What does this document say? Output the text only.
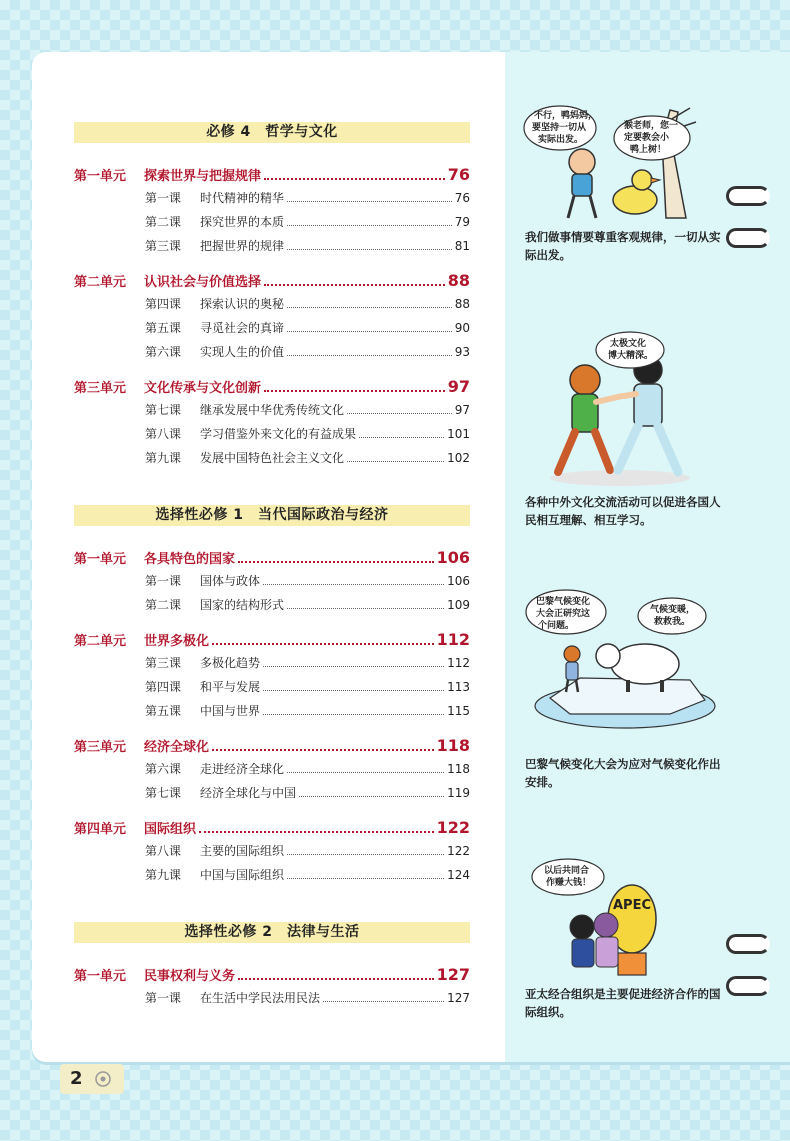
必修 4　哲学与文化
第一单元	探索世界与把握规律	76
第一课	时代精神的精华	76
第二课	探究世界的本质	79
第三课	把握世界的规律	81
第二单元	认识社会与价值选择	88
第四课	探索认识的奥秘	88
第五课	寻觅社会的真谛	90
第六课	实现人生的价值	93
第三单元	文化传承与文化创新	97
第七课	继承发展中华优秀传统文化	97
第八课	学习借鉴外来文化的有益成果	101
第九课	发展中国特色社会主义文化	102
选择性必修 1　当代国际政治与经济
第一单元	各具特色的国家	106
第一课	国体与政体	106
第二课	国家的结构形式	109
第二单元	世界多极化	112
第三课	多极化趋势	112
第四课	和平与发展	113
第五课	中国与世界	115
第三单元	经济全球化	118
第六课	走进经济全球化	118
第七课	经济全球化与中国	119
第四单元	国际组织	122
第八课	主要的国际组织	122
第九课	中国与国际组织	124
选择性必修 2　法律与生活
第一单元	民事权利与义务	127
第一课	在生活中学民法用民法	127
不行，鸭妈妈，
要坚持一切从
实际出发。
猴老师，您一
定要教会小
鸭上树！
我们做事情要尊重客观规律，一切从实际出发。
太极文化
博大精深。
各种中外文化交流活动可以促进各国人民相互理解、相互学习。
巴黎气候变化
大会正研究这
个问题。
气候变暖，
救救我。
巴黎气候变化大会为应对气候变化作出安排。
APEC
以后共同合
作赚大钱！
亚太经合组织是主要促进经济合作的国际组织。
2
